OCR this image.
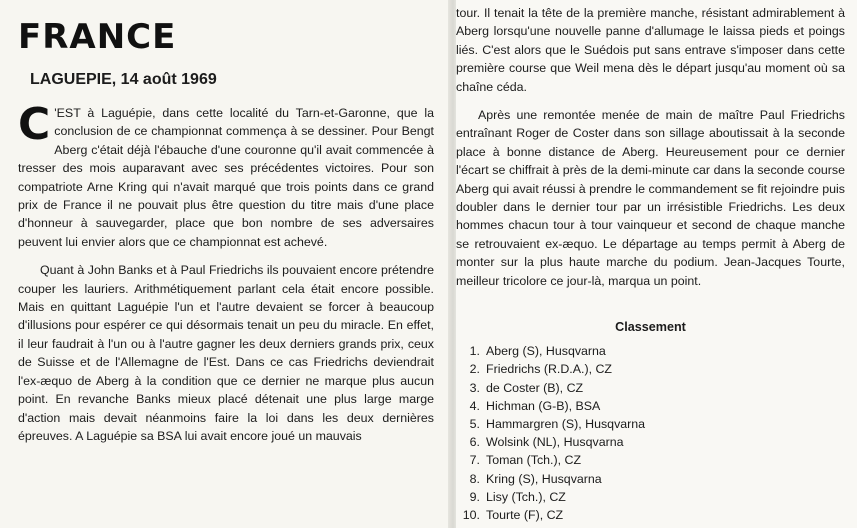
FRANCE
LAGUEPIE, 14 août 1969

C 'EST à Laguépie, dans cette localité du Tarn-et-Garonne, que la conclusion de ce championnat commença à se dessiner. Pour Bengt Aberg c'était déjà l'ébauche d'une couronne qu'il avait commencée à tresser des mois auparavant avec ses précédentes victoires. Pour son compatriote Arne Kring qui n'avait marqué que trois points dans ce grand prix de France il ne pouvait plus être question du titre mais d'une place d'honneur à sauvegarder, place que bon nombre de ses adversaires peuvent lui envier alors que ce championnat est achevé.

Quant à John Banks et à Paul Friedrichs ils pouvaient encore prétendre couper les lauriers. Arithmétiquement parlant cela était encore possible. Mais en quittant Laguépie l'un et l'autre devaient se forcer à beaucoup d'illusions pour espérer ce qui désormais tenait un peu du miracle. En effet, il leur faudrait à l'un ou à l'autre gagner les deux derniers grands prix, ceux de Suisse et de l'Allemagne de l'Est. Dans ce cas Friedrichs deviendrait l'ex-æquo de Aberg à la condition que ce dernier ne marque plus aucun point. En revanche Banks mieux placé détenait une plus large marge d'action mais devait néanmoins faire la loi dans les deux dernières épreuves. A Laguépie sa BSA lui avait encore joué un mauvais

tour. Il tenait la tête de la première manche, résistant admirablement à Aberg lorsqu'une nouvelle panne d'allumage le laissa pieds et poings liés. C'est alors que le Suédois put sans entrave s'imposer dans cette première course que Weil mena dès le départ jusqu'au moment où sa chaîne céda.

Après une remontée menée de main de maître Paul Friedrichs entraînant Roger de Coster dans son sillage aboutissait à la seconde place à bonne distance de Aberg. Heureusement pour ce dernier l'écart se chiffrait à près de la demi-minute car dans la seconde course Aberg qui avait réussi à prendre le commandement se fit rejoindre puis doubler dans le dernier tour par un irrésistible Friedrichs. Les deux hommes chacun tour à tour vainqueur et second de chaque manche se retrouvaient ex-æquo. Le départage au temps permit à Aberg de monter sur la plus haute marche du podium. Jean-Jacques Tourte, meilleur tricolore ce jour-là, marqua un point.

Classement
1. Aberg (S), Husqvarna
2. Friedrichs (R.D.A.), CZ
3. de Coster (B), CZ
4. Hichman (G-B), BSA
5. Hammargren (S), Husqvarna
6. Wolsink (NL), Husqvarna
7. Toman (Tch.), CZ
8. Kring (S), Husqvarna
9. Lisy (Tch.), CZ
10. Tourte (F), CZ
